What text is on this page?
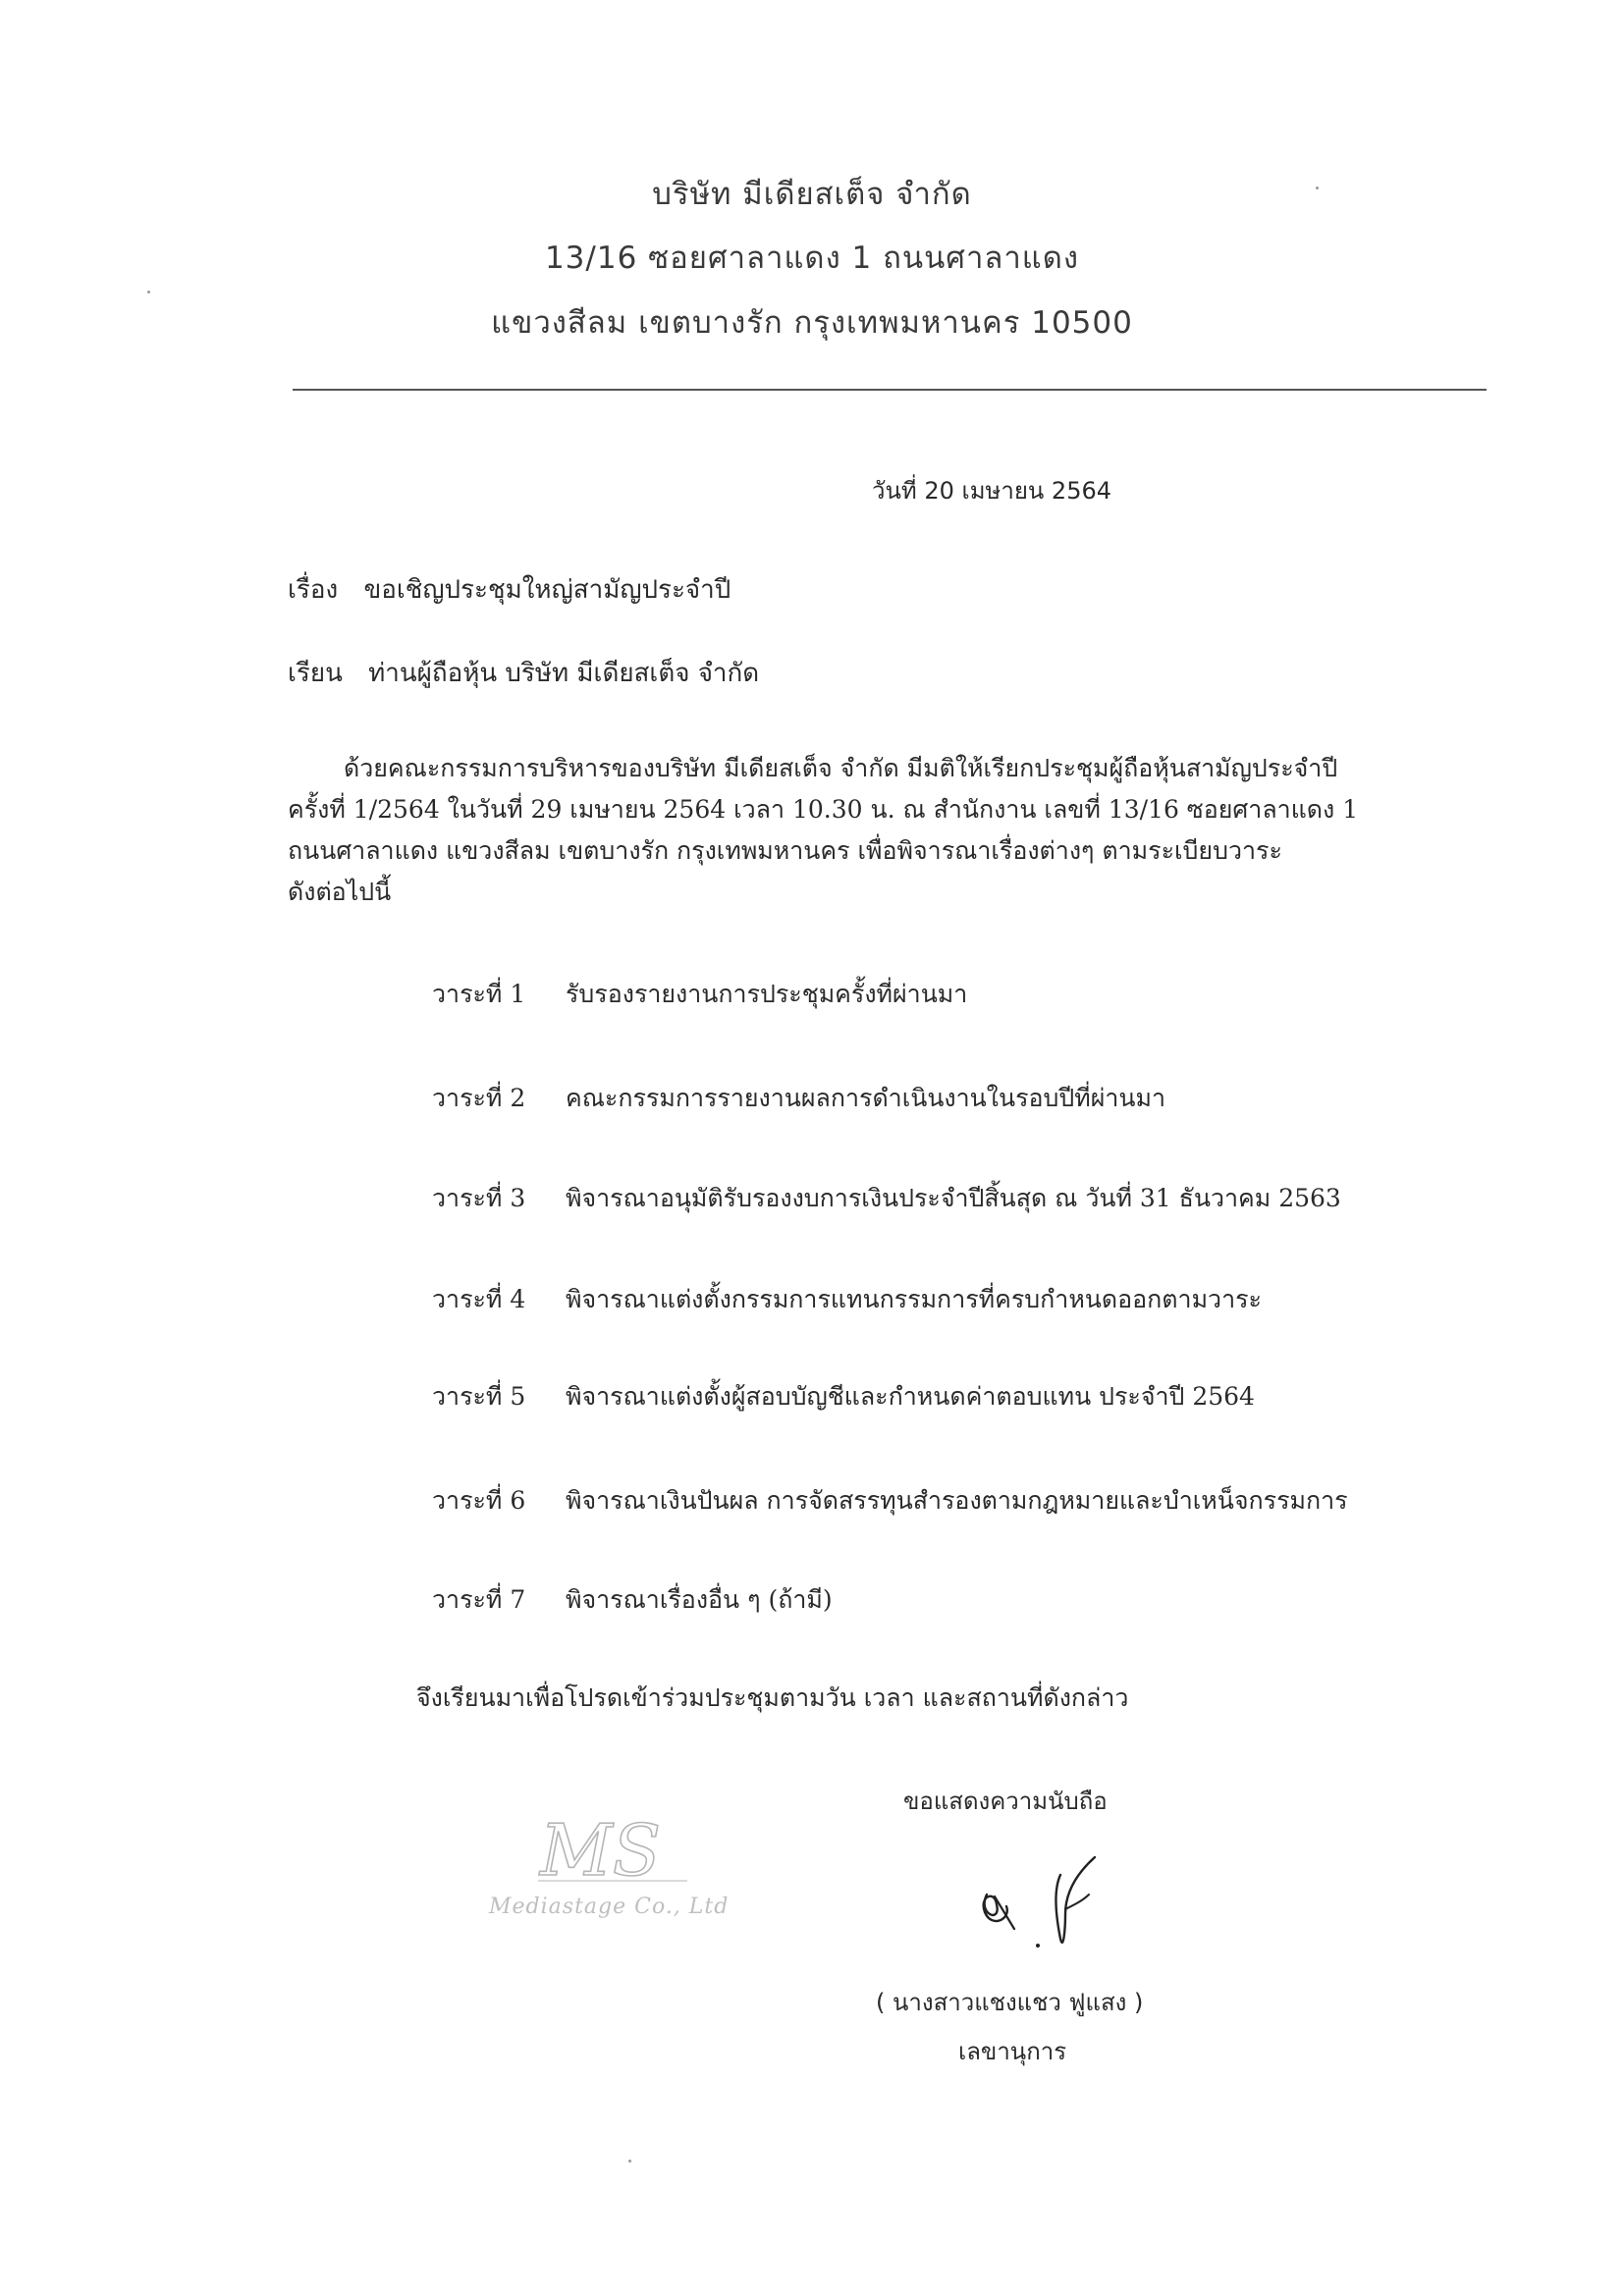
บริษัท มีเดียสเต็จ จำกัด
13/16 ซอยศาลาแดง 1 ถนนศาลาแดง
แขวงสีลม เขตบางรัก กรุงเทพมหานคร 10500
วันที่ 20 เมษายน 2564
เรื่อง ขอเชิญประชุมใหญ่สามัญประจำปี
เรียน ท่านผู้ถือหุ้น บริษัท มีเดียสเต็จ จำกัด
ด้วยคณะกรรมการบริหารของบริษัท มีเดียสเต็จ จำกัด มีมติให้เรียกประชุมผู้ถือหุ้นสามัญประจำปี
ครั้งที่ 1/2564 ในวันที่ 29 เมษายน 2564 เวลา 10.30 น. ณ สำนักงาน เลขที่ 13/16 ซอยศาลาแดง 1
ถนนศาลาแดง แขวงสีลม เขตบางรัก กรุงเทพมหานคร เพื่อพิจารณาเรื่องต่างๆ ตามระเบียบวาระ
ดังต่อไปนี้
วาระที่ 1 รับรองรายงานการประชุมครั้งที่ผ่านมา
วาระที่ 2 คณะกรรมการรายงานผลการดำเนินงานในรอบปีที่ผ่านมา
วาระที่ 3 พิจารณาอนุมัติรับรองงบการเงินประจำปีสิ้นสุด ณ วันที่ 31 ธันวาคม 2563
วาระที่ 4 พิจารณาแต่งตั้งกรรมการแทนกรรมการที่ครบกำหนดออกตามวาระ
วาระที่ 5 พิจารณาแต่งตั้งผู้สอบบัญชีและกำหนดค่าตอบแทน ประจำปี 2564
วาระที่ 6 พิจารณาเงินปันผล การจัดสรรทุนสำรองตามกฎหมายและบำเหน็จกรรมการ
วาระที่ 7 พิจารณาเรื่องอื่น ๆ (ถ้ามี)
จึงเรียนมาเพื่อโปรดเข้าร่วมประชุมตามวัน เวลา และสถานที่ดังกล่าว
ขอแสดงความนับถือ
MS
Mediastage Co., Ltd
( นางสาวแชงแชว ฟูแสง )
เลขานุการ
